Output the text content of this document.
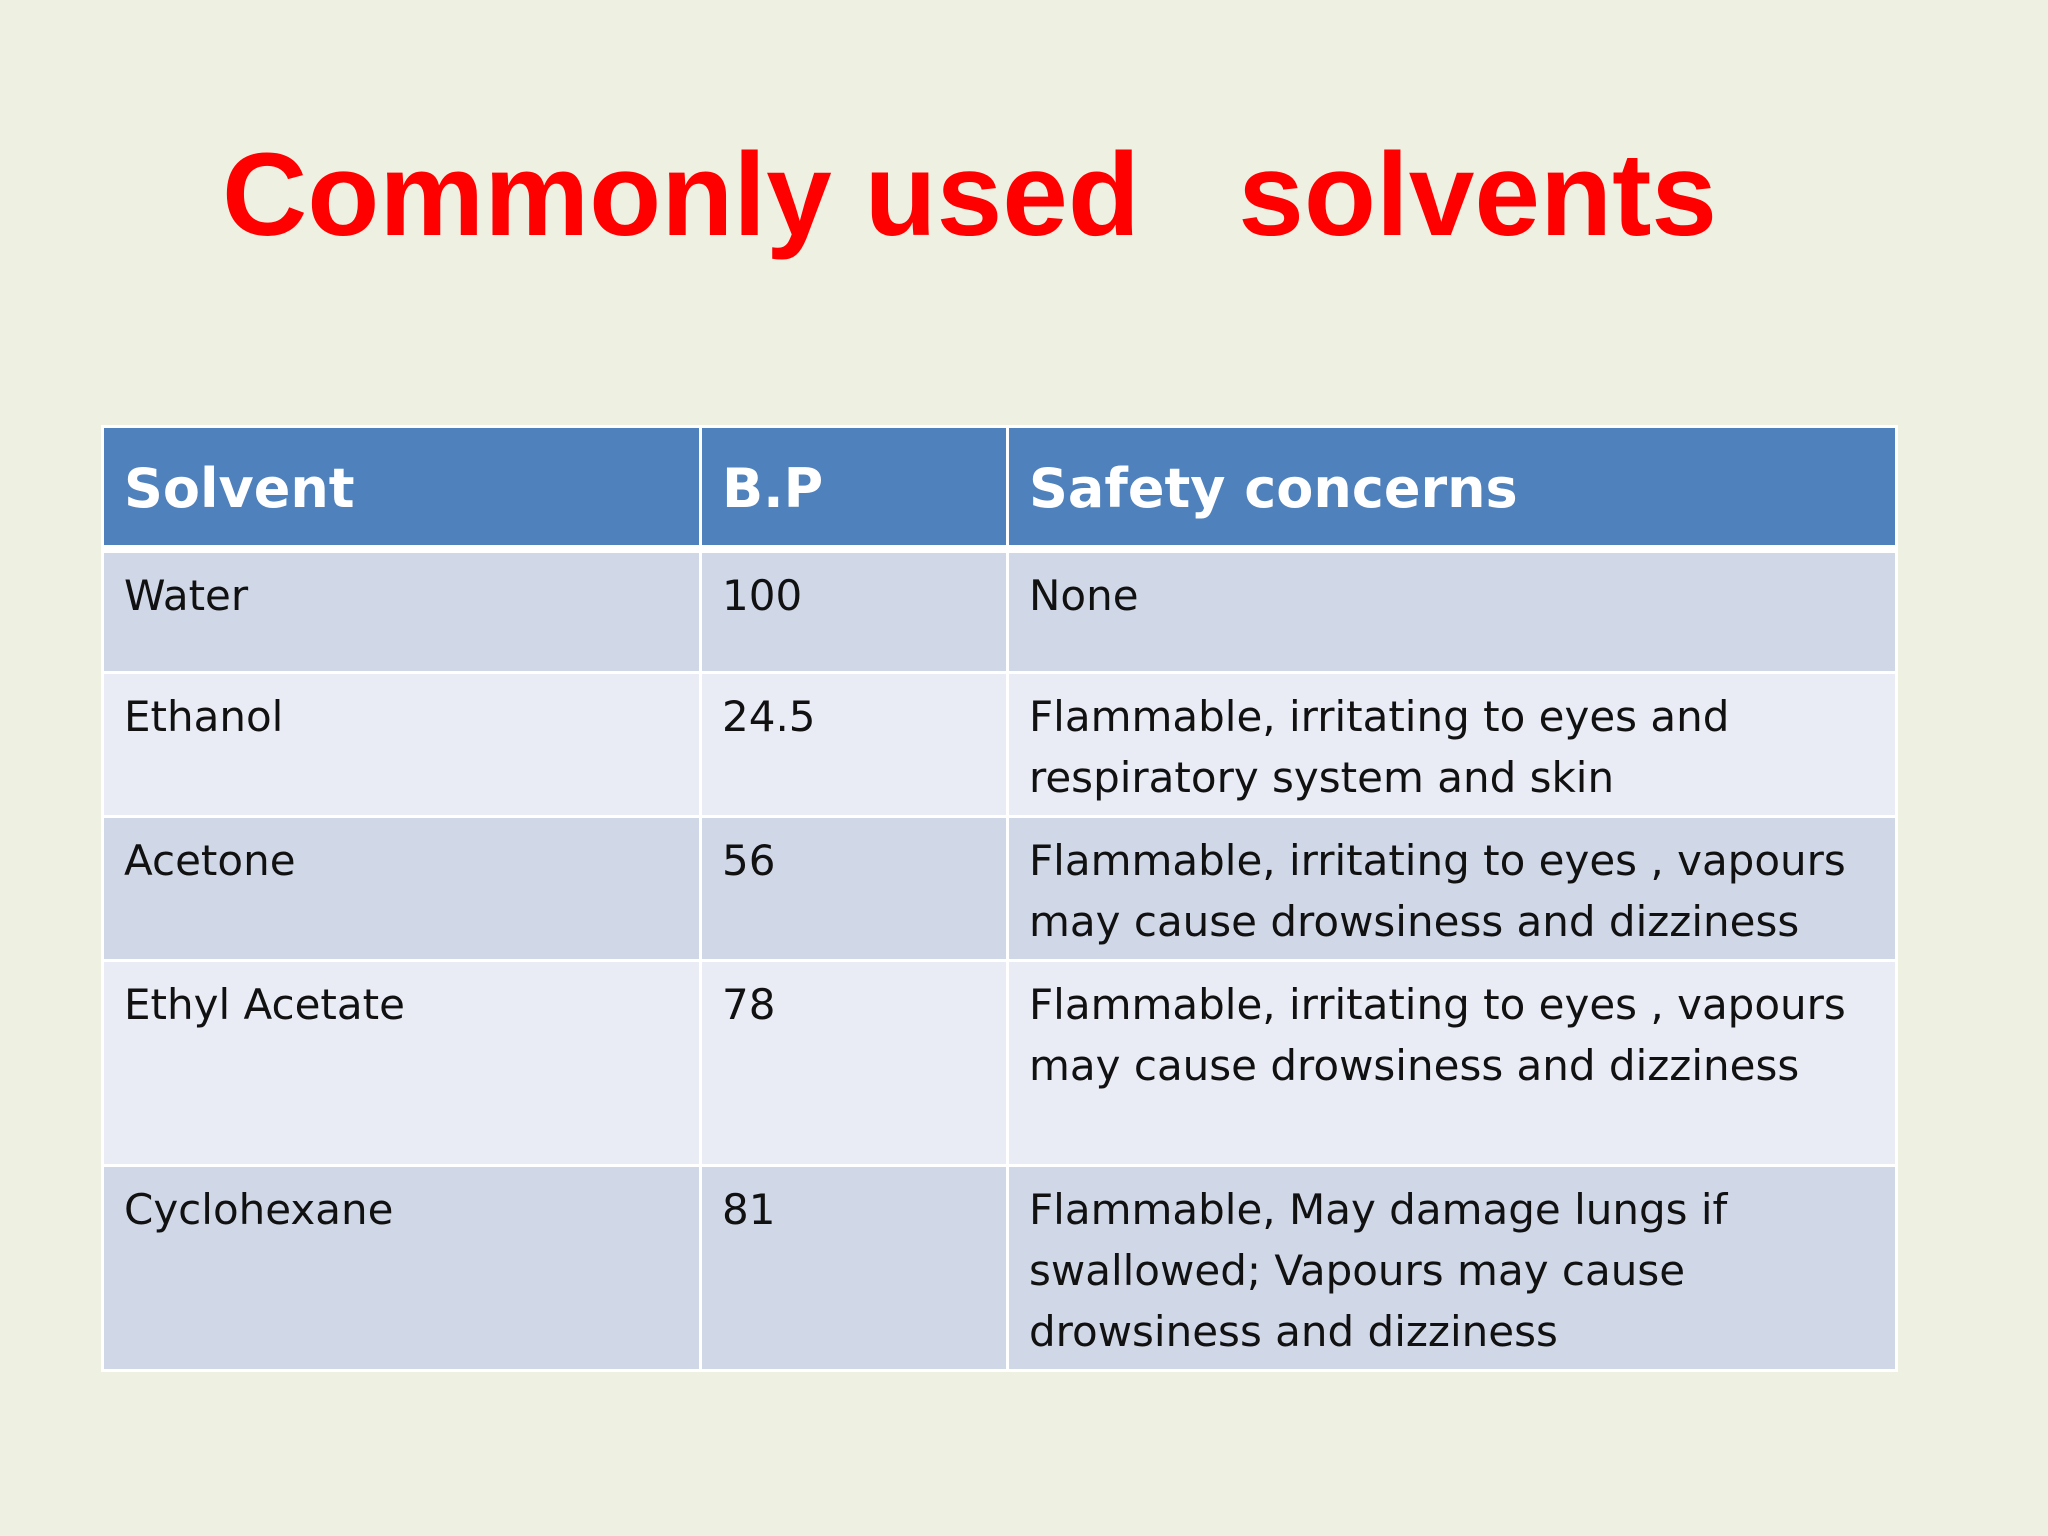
Commonly used   solvents
Solvent	B.P	Safety concerns
Water	100	None
Ethanol	24.5	Flammable, irritating to eyes and respiratory system and skin
Acetone	56	Flammable, irritating to eyes , vapours may cause drowsiness and dizziness
Ethyl Acetate	78	Flammable, irritating to eyes , vapours may cause drowsiness and dizziness
Cyclohexane	81	Flammable, May damage lungs if swallowed; Vapours may cause drowsiness and dizziness
